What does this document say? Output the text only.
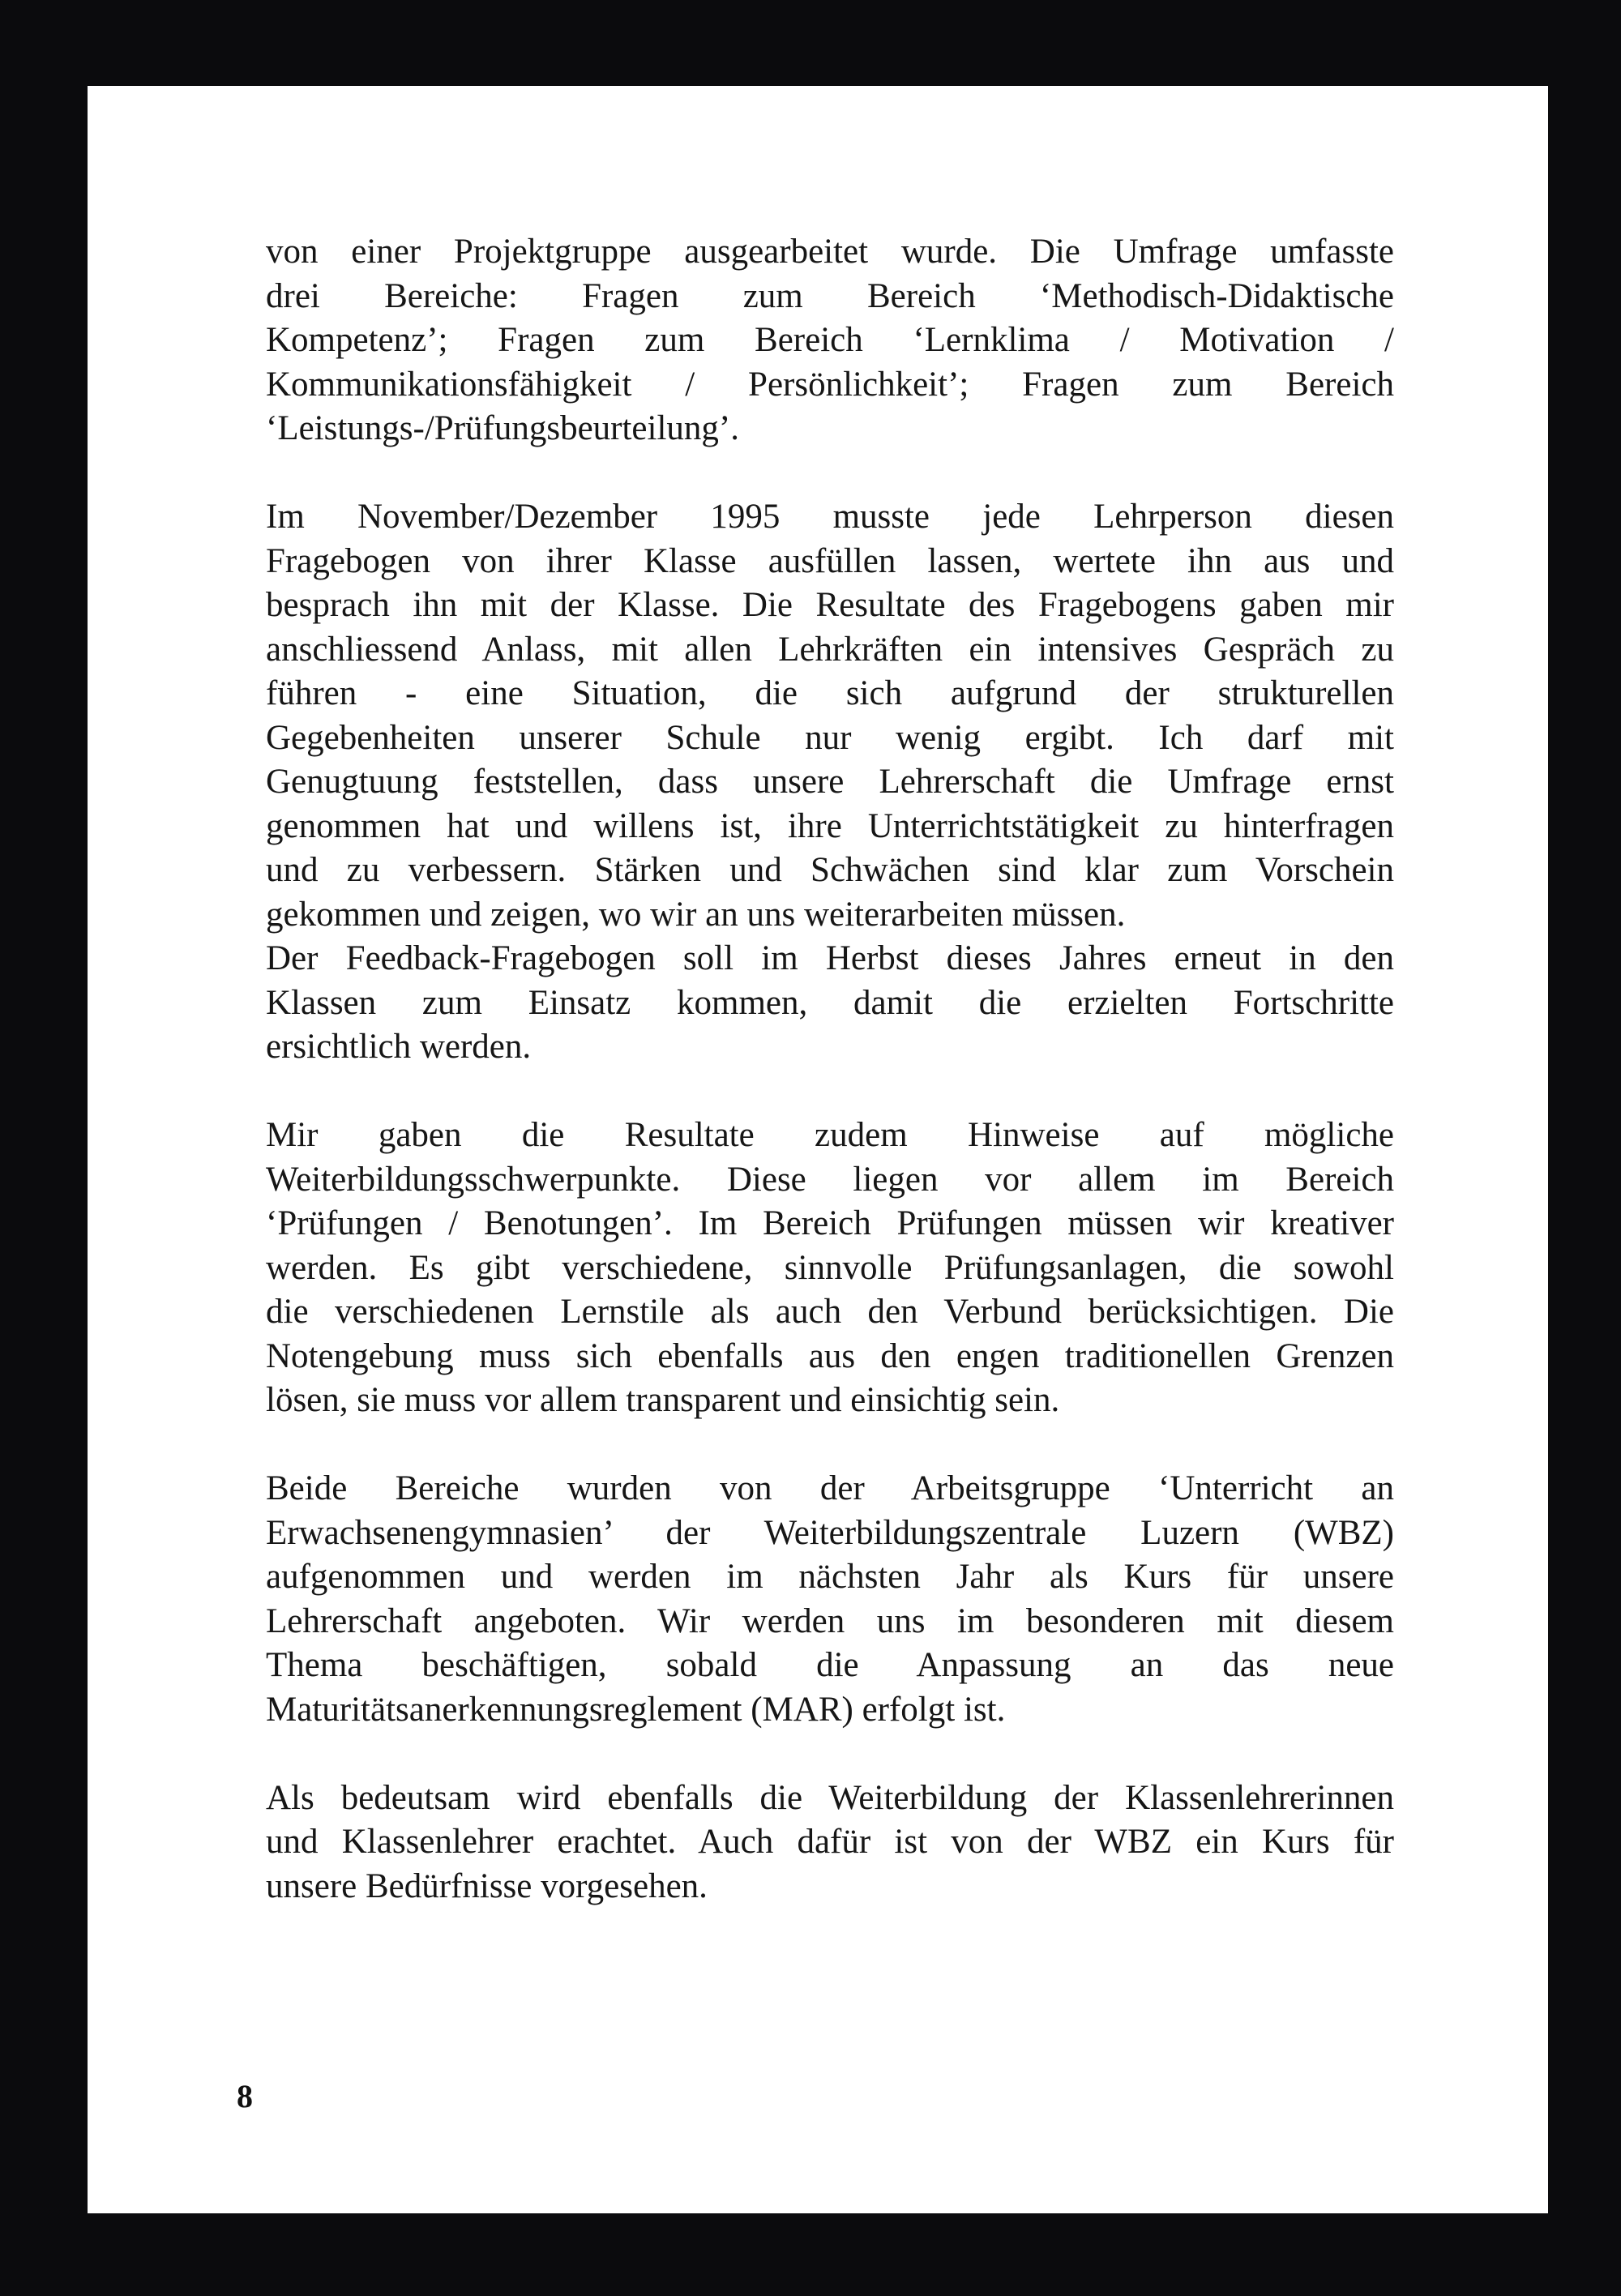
von einer Projektgruppe ausgearbeitet wurde. Die Umfrage umfasste
drei Bereiche: Fragen zum Bereich ‘Methodisch-Didaktische
Kompetenz’; Fragen zum Bereich ‘Lernklima / Motivation /
Kommunikationsfähigkeit / Persönlichkeit’; Fragen zum Bereich
‘Leistungs-/Prüfungsbeurteilung’.
Im November/Dezember 1995 musste jede Lehrperson diesen
Fragebogen von ihrer Klasse ausfüllen lassen, wertete ihn aus und
besprach ihn mit der Klasse. Die Resultate des Fragebogens gaben mir
anschliessend Anlass, mit allen Lehrkräften ein intensives Gespräch zu
führen - eine Situation, die sich aufgrund der strukturellen
Gegebenheiten unserer Schule nur wenig ergibt. Ich darf mit
Genugtuung feststellen, dass unsere Lehrerschaft die Umfrage ernst
genommen hat und willens ist, ihre Unterrichtstätigkeit zu hinterfragen
und zu verbessern. Stärken und Schwächen sind klar zum Vorschein
gekommen und zeigen, wo wir an uns weiterarbeiten müssen.
Der Feedback-Fragebogen soll im Herbst dieses Jahres erneut in den
Klassen zum Einsatz kommen, damit die erzielten Fortschritte
ersichtlich werden.
Mir gaben die Resultate zudem Hinweise auf mögliche
Weiterbildungsschwerpunkte. Diese liegen vor allem im Bereich
‘Prüfungen / Benotungen’. Im Bereich Prüfungen müssen wir kreativer
werden. Es gibt verschiedene, sinnvolle Prüfungsanlagen, die sowohl
die verschiedenen Lernstile als auch den Verbund berücksichtigen. Die
Notengebung muss sich ebenfalls aus den engen traditionellen Grenzen
lösen, sie muss vor allem transparent und einsichtig sein.
Beide Bereiche wurden von der Arbeitsgruppe ‘Unterricht an
Erwachsenengymnasien’ der Weiterbildungszentrale Luzern (WBZ)
aufgenommen und werden im nächsten Jahr als Kurs für unsere
Lehrerschaft angeboten. Wir werden uns im besonderen mit diesem
Thema beschäftigen, sobald die Anpassung an das neue
Maturitätsanerkennungsreglement (MAR) erfolgt ist.
Als bedeutsam wird ebenfalls die Weiterbildung der Klassenlehrerinnen
und Klassenlehrer erachtet. Auch dafür ist von der WBZ ein Kurs für
unsere Bedürfnisse vorgesehen.
8
